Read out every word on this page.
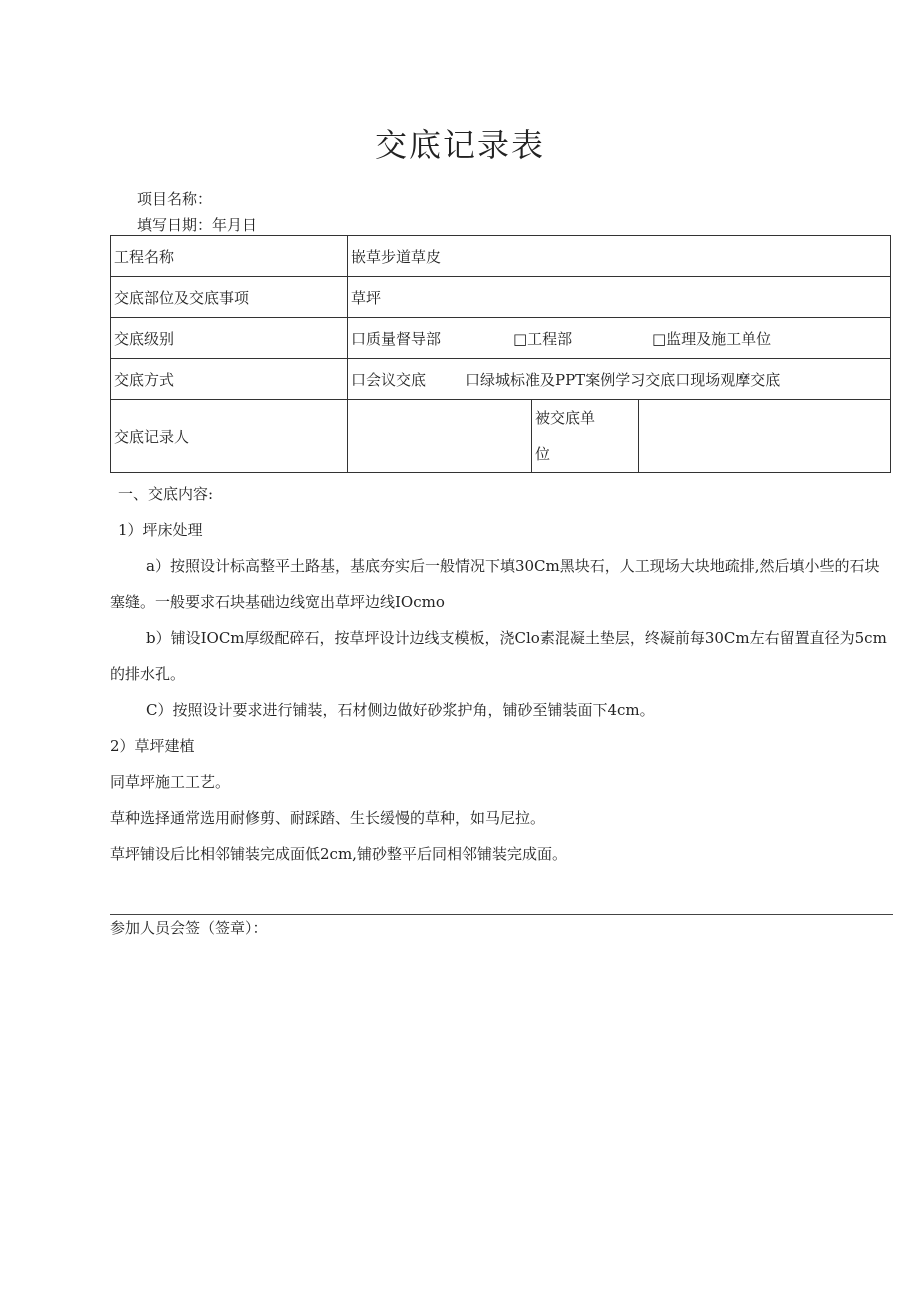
交底记录表
项目名称：
填写日期：年月日
工程名称	嵌草步道草皮		
交底部位及交底事项	草坪		
交底级别	口质量督导部 □工程部 □监理及施工单位		
交底方式	口会议交底 口绿城标准及PPT案例学习交底口现场观摩交底		
交底记录人		被交底单
位	

一、交底内容:

1）坪床处理

a）按照设计标高整平土路基，基底夯实后一般情况下填30Cm黑块石，人工现场大块地疏排,然后填小些的石块塞缝。一般要求石块基础边线宽出草坪边线IOcmo

b）铺设IOCm厚级配碎石，按草坪设计边线支模板，浇Clo素混凝土垫层，终凝前每30Cm左右留置直径为5cm的排水孔。

C）按照设计要求进行铺装，石材侧边做好砂浆护角，铺砂至铺装面下4cm。

2）草坪建植

同草坪施工工艺。

草种选择通常选用耐修剪、耐踩踏、生长缓慢的草种，如马尼拉。

草坪铺设后比相邻铺装完成面低2cm,铺砂整平后同相邻铺装完成面。

参加人员会签（签章）：
